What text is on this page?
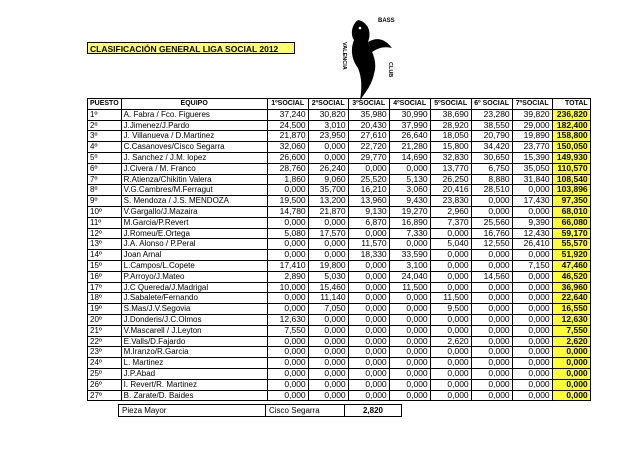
CLASIFICACIÓN GENERAL LIGA SOCIAL 2012
BASS
VALENCIA	CLUB
PUESTO	EQUIPO	1ºSOCIAL	2ºSOCIAL	3ºSOCIAL	4ºSOCIAL	5ºSOCIAL	6º SOCIAL	7ºSOCIAL	TOTAL
1º	A. Fabra / Fco. Figueres	37,240	30,820	35,980	30,990	38,690	23,280	39,820	236,820
2º	J.Jimenez/J.Pardo	24,500	3,010	20,430	37,990	28,920	38,550	29,000	182,400
3º	J. Villanueva / D.Martinez	21,870	23,950	27,610	26,640	18,050	20,790	19,890	158,800
4º	C.Casanoves/Cisco Segarra	32,060	0,000	22,720	21,280	15,800	34,420	23,770	150,050
5º	J. Sanchez / J.M. lopez	26,600	0,000	29,770	14,690	32,830	30,650	15,390	149,930
6º	J.Civera / M. Franco	28,760	26,240	0,000	0,000	13,770	6,750	35,050	110,570
7º	R.Atienza/Chikitin Valera	1,860	9,060	25,520	5,130	26,250	8,880	31,840	108,540
8º	V.G.Cambres/M.Ferragut	0,000	35,700	16,210	3,060	20,416	28,510	0,000	103,896
9º	S. Mendoza / J.S. MENDOZA	19,500	13,200	13,960	9,430	23,830	0,000	17,430	97,350
10º	V.Gargallo/J.Mazaira	14,780	21,870	9,130	19,270	2,960	0,000	0,000	68,010
11º	M.Garcia/P.Revert	0,000	0,000	6,870	16,890	7,370	25,560	9,390	66,080
12º	J.Romeu/E.Ortega	5,080	17,570	0,000	7,330	0,000	16,760	12,430	59,170
13º	J.A. Alonso / P.Peral	0,000	0,000	11,570	0,000	5,040	12,550	26,410	55,570
14º	Joan Arnal	0,000	0,000	18,330	33,590	0,000	0,000	0,000	51,920
15º	L.Campos/L.Copete	17,410	19,800	0,000	3,100	0,000	0,000	7,150	47,460
16º	P.Arroyo/J.Mateo	2,890	5,030	0,000	24,040	0,000	14,560	0,000	46,520
17º	J.C Quereda/J.Madrigal	10,000	15,460	0,000	11,500	0,000	0,000	0,000	36,960
18º	J.Sabalete/Fernando	0,000	11,140	0,000	0,000	11,500	0,000	0,000	22,640
19º	S.Mas/J.V.Segovia	0,000	7,050	0,000	0,000	9,500	0,000	0,000	16,550
20º	J.Donderis/J.C.Olmos	12,630	0,000	0,000	0,000	0,000	0,000	0,000	12,630
21º	V.Mascarell / J.Leyton	7,550	0,000	0,000	0,000	0,000	0,000	0,000	7,550
22º	E.Valls/D.Fajardo	0,000	0,000	0,000	0,000	2,620	0,000	0,000	2,620
23º	M.Iranzo/R.Garcia	0,000	0,000	0,000	0,000	0,000	0,000	0,000	0,000
24º	L. Martinez	0,000	0,000	0,000	0,000	0,000	0,000	0,000	0,000
25º	J.P.Abad	0,000	0,000	0,000	0,000	0,000	0,000	0,000	0,000
26º	I. Revert/R. Martinez	0,000	0,000	0,000	0,000	0,000	0,000	0,000	0,000
27º	B. Zarate/D. Baides	0,000	0,000	0,000	0,000	0,000	0,000	0,000	0,000
Pieza Mayor	Cisco Segarra	2,820
